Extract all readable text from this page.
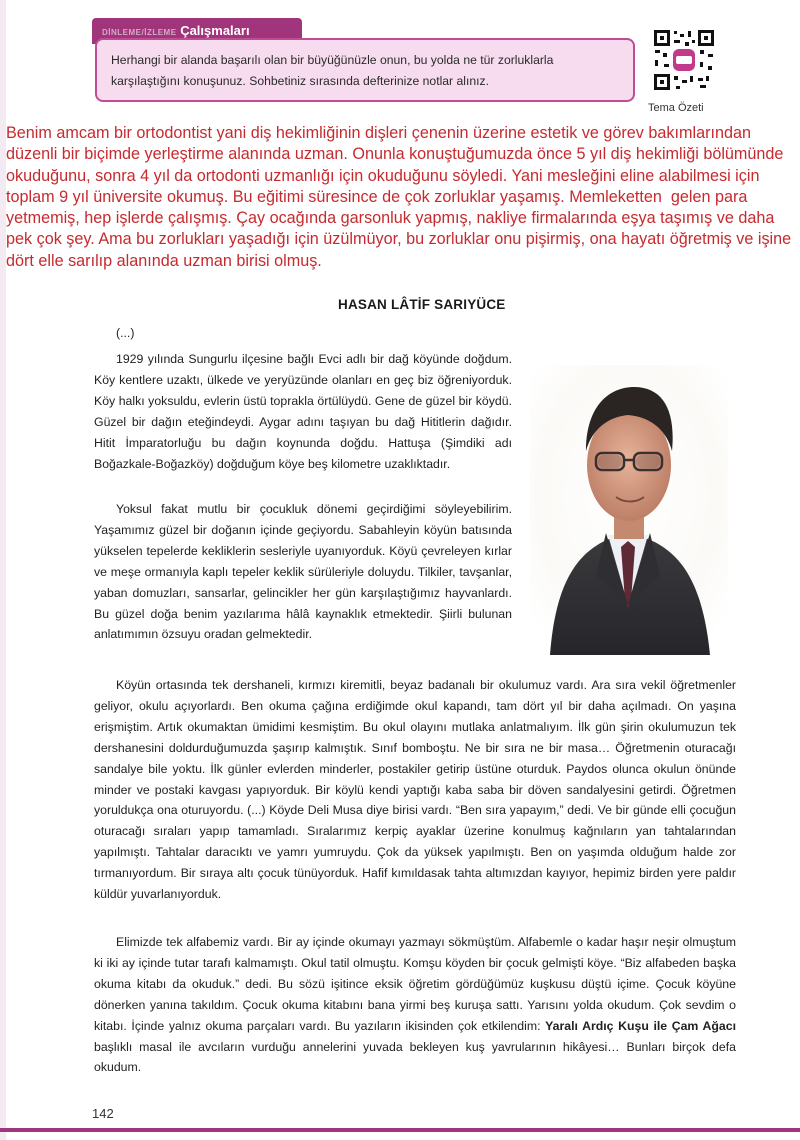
DİNLEME/İZLEME Çalışmaları
Herhangi bir alanda başarılı olan bir büyüğünüzle onun, bu yolda ne tür zorluklarla karşılaştığını konuşunuz. Sohbetiniz sırasında defterinize notlar alınız.
Tema Özeti

Benim amcam bir ortodontist yani diş hekimliğinin dişleri çenenin üzerine estetik ve görev bakımlarından düzenli bir biçimde yerleştirme alanında uzman. Onunla konuştuğumuzda önce 5 yıl diş hekimliği bölümünde okuduğunu, sonra 4 yıl da ortodonti uzmanlığı için okuduğunu söyledi. Yani mesleğini eline alabilmesi için toplam 9 yıl üniversite okumuş. Bu eğitimi süresince de çok zorluklar yaşamış. Memleketten  gelen para yetmemiş, hep işlerde çalışmış. Çay ocağında garsonluk yapmış, nakliye firmalarında eşya taşımış ve daha pek çok şey. Ama bu zorlukları yaşadığı için üzülmüyor, bu zorluklar onu pişirmiş, ona hayatı öğretmiş ve işine dört elle sarılıp alanında uzman birisi olmuş.

HASAN LÂTİF SARIYÜCE
(...)

1929 yılında Sungurlu ilçesine bağlı Evci adlı bir dağ köyünde doğdum. Köy kentlere uzaktı, ülkede ve yeryüzünde olanları en geç biz öğreniyorduk. Köy halkı yoksuldu, evlerin üstü toprakla örtülüydü. Gene de güzel bir köydü. Güzel bir dağın eteğindeydi. Aygar adını taşıyan bu dağ Hititlerin dağıdır. Hitit İmparatorluğu bu dağın koynunda doğdu. Hattuşa (Şimdiki adı Boğazkale-Boğazköy) doğduğum köye beş kilometre uzaklıktadır.

Yoksul fakat mutlu bir çocukluk dönemi geçirdiğimi söyleyebilirim. Yaşamımız güzel bir doğanın içinde geçiyordu. Sabahleyin köyün batısında yükselen tepelerde kekliklerin sesleriyle uyanıyorduk. Köyü çevreleyen kırlar ve meşe ormanıyla kaplı tepeler keklik sürüleriyle doluydu. Tilkiler, tavşanlar, yaban domuzları, sansarlar, gelincikler her gün karşılaştığımız hayvanlardı. Bu güzel doğa benim yazılarıma hâlâ kaynaklık etmektedir. Şiirli bulunan anlatımımın özsuyu oradan gelmektedir.

Köyün ortasında tek dershaneli, kırmızı kiremitli, beyaz badanalı bir okulumuz vardı. Ara sıra vekil öğretmenler geliyor, okulu açıyorlardı. Ben okuma çağına erdiğimde okul kapandı, tam dört yıl bir daha açılmadı. On yaşına erişmiştim. Artık okumaktan ümidimi kesmiştim. Bu okul olayını mutlaka anlatmalıyım. İlk gün şirin okulumuzun tek dershanesini doldurduğumuzda şaşırıp kalmıştık. Sınıf bomboştu. Ne bir sıra ne bir masa… Öğretmenin oturacağı sandalye bile yoktu. İlk günler evlerden minderler, postakiler getirip üstüne oturduk. Paydos olunca okulun önünde minder ve postaki kavgası yapıyorduk. Bir köylü kendi yaptığı kaba saba bir döven sandalyesini getirdi. Öğretmen yoruldukça ona oturuyordu. (...) Köyde Deli Musa diye birisi vardı. “Ben sıra yapayım,” dedi. Ve bir günde elli çocuğun oturacağı sıraları yapıp tamamladı. Sıralarımız kerpiç ayaklar üzerine konulmuş kağnıların yan tahtalarından yapılmıştı. Tahtalar daracıktı ve yamrı yumruydu. Çok da yüksek yapılmıştı. Ben on yaşımda olduğum halde zor tırmanıyordum. Bir sıraya altı çocuk tünüyorduk. Hafif kımıldasak tahta altımızdan kayıyor, hepimiz birden yere paldır küldür yuvarlanıyorduk.

Elimizde tek alfabemiz vardı. Bir ay içinde okumayı yazmayı sökmüştüm. Alfabemle o kadar haşır neşir olmuştum ki iki ay içinde tutar tarafı kalmamıştı. Okul tatil olmuştu. Komşu köyden bir çocuk gelmişti köye. “Biz alfabeden başka okuma kitabı da okuduk.” dedi. Bu sözü işitince eksik öğretim gördüğümüz kuşkusu düştü içime. Çocuk köyüne dönerken yanına takıldım. Çocuk okuma kitabını bana yirmi beş kuruşa sattı. Yarısını yolda okudum. Çok sevdim o kitabı. İçinde yalnız okuma parçaları vardı. Bu yazıların ikisinden çok etkilendim: Yaralı Ardıç Kuşu ile Çam Ağacı başlıklı masal ile avcıların vurduğu annelerini yuvada bekleyen kuş yavrularının hikâyesi… Bunları birçok defa okudum.

142
